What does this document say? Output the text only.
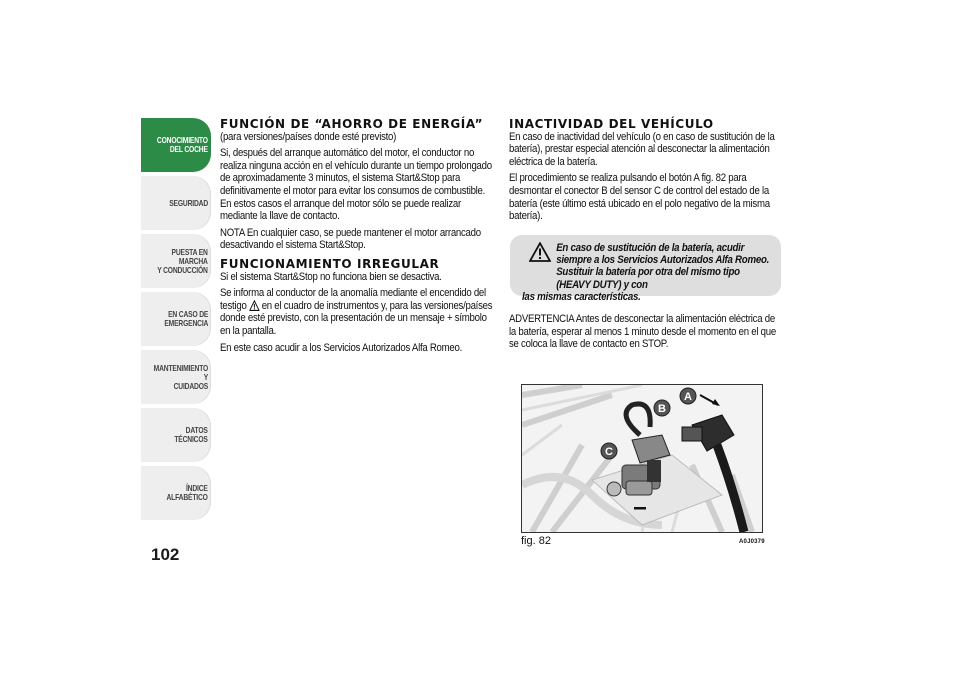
CONOCIMIENTO
DEL COCHE
SEGURIDAD
PUESTA EN MARCHA
Y CONDUCCIÓN
EN CASO DE
EMERGENCIA
MANTENIMIENTO Y
CUIDADOS
DATOS TÉCNICOS
ÍNDICE ALFABÉTICO
102
FUNCIÓN DE “AHORRO DE ENERGÍA”

(para versiones/países donde esté previsto)

Si, después del arranque automático del motor, el conductor no realiza ninguna acción en el vehículo durante un tiempo prolongado de aproximadamente 3 minutos, el sistema Start&Stop para definitivamente el motor para evitar los consumos de combustible. En estos casos el arranque del motor sólo se puede realizar mediante la llave de contacto.

NOTA En cualquier caso, se puede mantener el motor arrancado desactivando el sistema Start&Stop.

FUNCIONAMIENTO IRREGULAR

Si el sistema Start&Stop no funciona bien se desactiva.

Se informa al conductor de la anomalía mediante el encendido del testigo en el cuadro de instrumentos y, para las versiones/países donde esté previsto, con la presentación de un mensaje + símbolo en la pantalla.

En este caso acudir a los Servicios Autorizados Alfa Romeo.

INACTIVIDAD DEL VEHÍCULO

En caso de inactividad del vehículo (o en caso de sustitución de la batería), prestar especial atención al desconectar la alimentación eléctrica de la batería.

El procedimiento se realiza pulsando el botón A fig. 82 para desmontar el conector B del sensor C de control del estado de la batería (este último está ubicado en el polo negativo de la misma batería).

En caso de sustitución de la batería, acudir siempre a los Servicios Autorizados Alfa Romeo. Sustituir la batería por otra del mismo tipo (HEAVY DUTY) y con

las mismas características.

ADVERTENCIA Antes de desconectar la alimentación eléctrica de la batería, esperar al menos 1 minuto desde el momento en el que se coloca la llave de contacto en STOP.

A
B
C
fig. 82	A0J0379
